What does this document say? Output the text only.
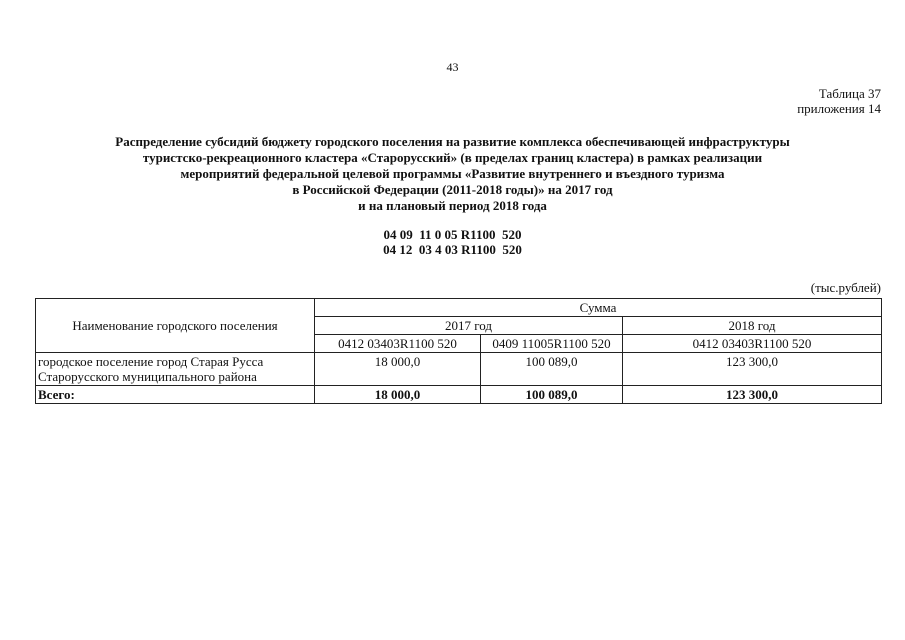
43
Таблица 37
приложения 14
Распределение субсидий бюджету городского поселения на развитие комплекса обеспечивающей инфраструктуры
туристско-рекреационного кластера «Старорусский» (в пределах границ кластера) в рамках реализации
мероприятий федеральной целевой программы «Развитие внутреннего и въездного туризма
в Российской Федерации (2011-2018 годы)» на 2017 год
и на плановый период 2018 года
04 09  11 0 05 R1100  520
04 12  03 4 03 R1100  520
(тыс.рублей)
Наименование городского поселения	Сумма		
	2017 год		2018 год
	0412 03403R1100 520	0409 11005R1100 520	0412 03403R1100 520

городское поселение город Старая Русса
Старорусского муниципального района	18 000,0	100 089,0	123 300,0
Всего:	18 000,0	100 089,0	123 300,0
